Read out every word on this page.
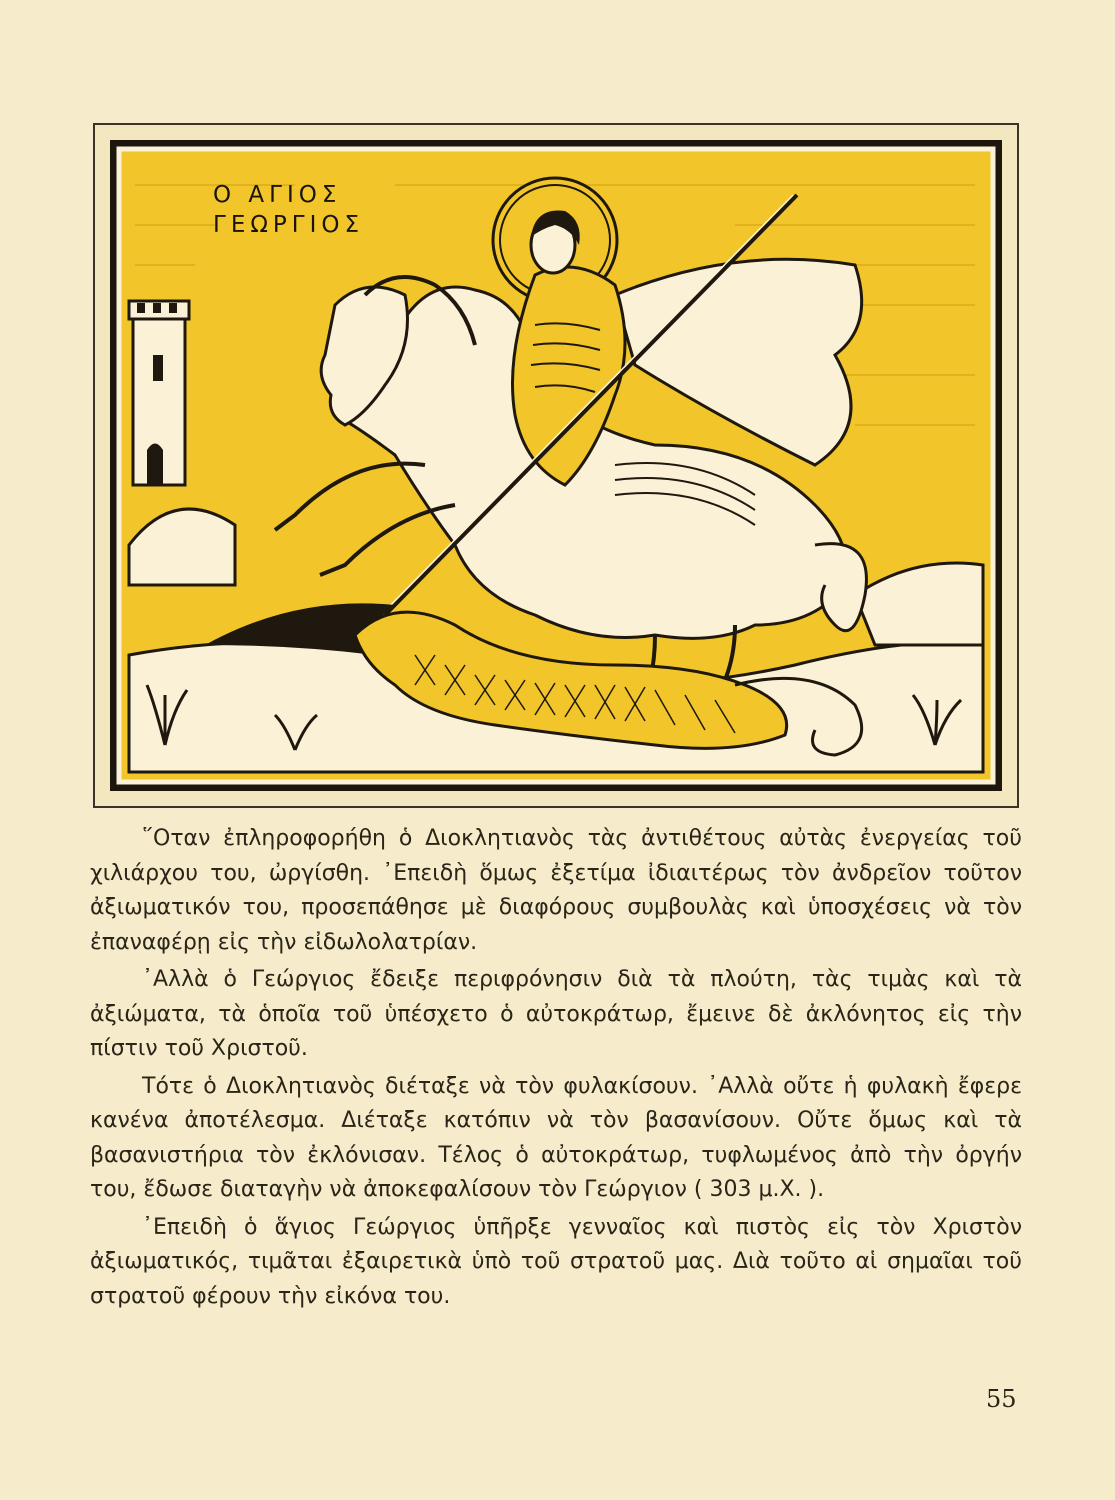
Ο ΑΓΙΟΣ
ΓΕΩΡΓΙΟΣ

῞Οταν ἐπληροφορήθη ὁ Διοκλητιανὸς τὰς ἀντιθέτους αὐτὰς ἐνεργείας τοῦ χιλιάρχου του, ὠργίσθη. ᾿Επειδὴ ὅμως ἐξετίμα ἰδιαιτέρως τὸν ἀνδρεῖον τοῦτον ἀξιωματικόν του, προσεπάθησε μὲ διαφόρους συμβουλὰς καὶ ὑποσχέσεις νὰ τὸν ἐπαναφέρῃ εἰς τὴν εἰδωλολατρίαν.

᾿Αλλὰ ὁ Γεώργιος ἔδειξε περιφρόνησιν διὰ τὰ πλούτη, τὰς τιμὰς καὶ τὰ ἀξιώματα, τὰ ὁποῖα τοῦ ὑπέσχετο ὁ αὐτοκράτωρ, ἔμεινε δὲ ἀκλόνητος εἰς τὴν πίστιν τοῦ Χριστοῦ.

Τότε ὁ Διοκλητιανὸς διέταξε νὰ τὸν φυλακίσουν. ᾿Αλλὰ οὔτε ἡ φυλακὴ ἔφερε κανένα ἀποτέλεσμα. Διέταξε κατόπιν νὰ τὸν βασανίσουν. Οὔτε ὅμως καὶ τὰ βασανιστήρια τὸν ἐκλόνισαν. Τέλος ὁ αὐτοκράτωρ, τυφλωμένος ἀπὸ τὴν ὀργήν του, ἔδωσε διαταγὴν νὰ ἀποκεφαλίσουν τὸν Γεώργιον ( 303 μ.Χ. ).

᾿Επειδὴ ὁ ἅγιος Γεώργιος ὑπῆρξε γενναῖος καὶ πιστὸς εἰς τὸν Χριστὸν ἀξιωματικός, τιμᾶται ἐξαιρετικὰ ὑπὸ τοῦ στρατοῦ μας. Διὰ τοῦτο αἱ σημαῖαι τοῦ στρατοῦ φέρουν τὴν εἰκόνα του.

55
